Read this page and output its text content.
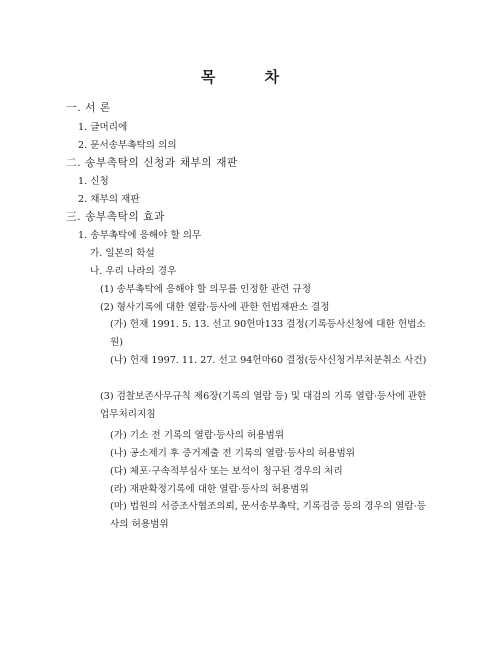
목 차
一. 서 론
1. 글머리에
2. 문서송부촉탁의 의의
二. 송부촉탁의 신청과 채부의 재판
1. 신청
2. 채부의 재판
三. 송부촉탁의 효과
1. 송부촉탁에 응해야 할 의무
가. 일본의 학설
나. 우리 나라의 경우
(1) 송부촉탁에 응해야 할 의무를 인정한 관련 규정
(2) 형사기록에 대한 열람·등사에 관한 헌법재판소 결정
(가) 헌재 1991. 5. 13. 선고 90헌마133 결정(기록등사신청에 대한 헌법소원)
(나) 헌재 1997. 11. 27. 선고 94헌마60 결정(등사신청거부처분취소 사건)
(3) 검찰보존사무규칙 제6장(기록의 열람 등) 및 대검의 기록 열람·등사에 관한 업무처리지침
(가) 기소 전 기록의 열람·등사의 허용범위
(나) 공소제기 후 증거제출 전 기록의 열람·등사의 허용범위
(다) 체포·구속적부심사 또는 보석이 청구된 경우의 처리
(라) 재판확정기록에 대한 열람·등사의 허용범위
(마) 법원의 서증조사협조의뢰, 문서송부촉탁, 기록검증 등의 경우의 열람·등사의 허용범위
